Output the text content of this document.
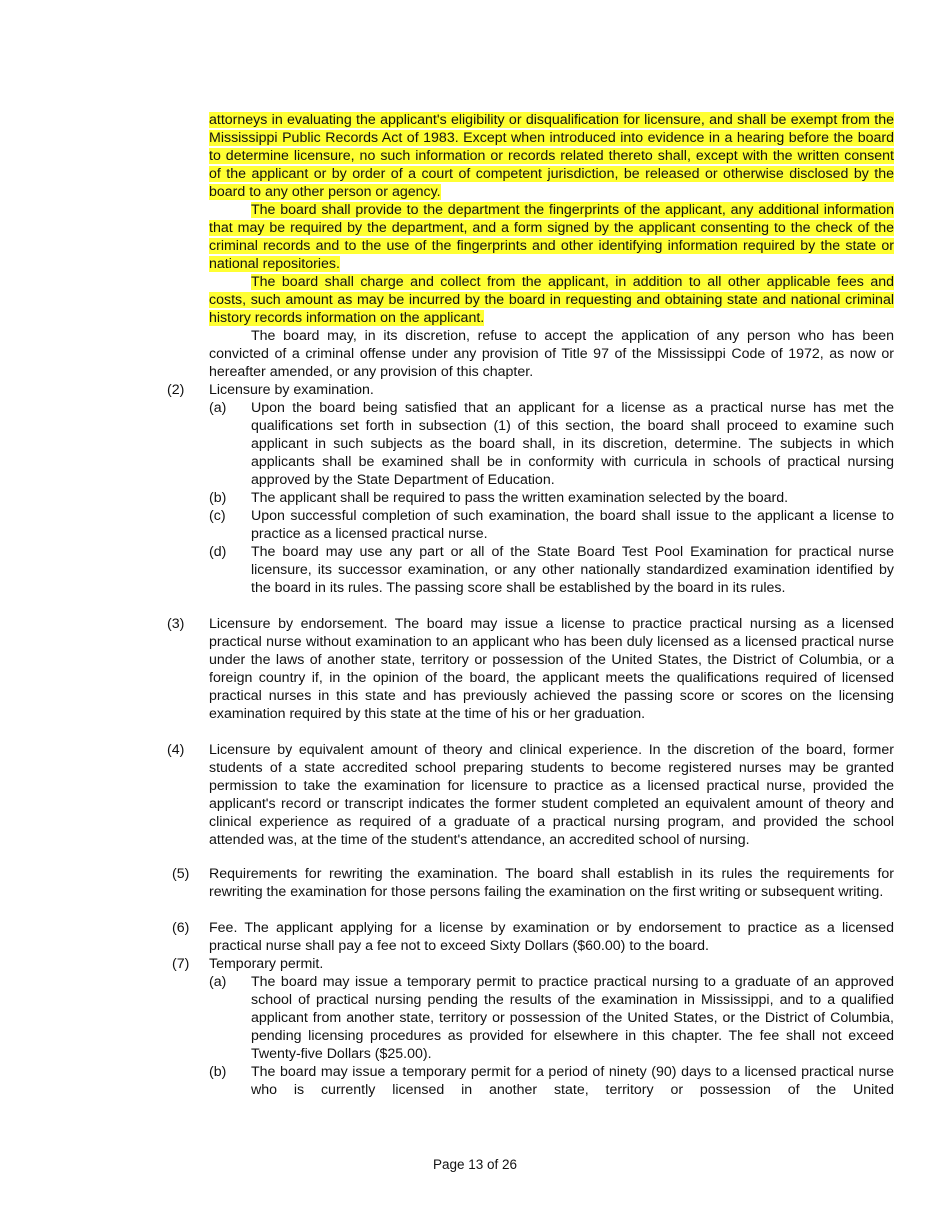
attorneys in evaluating the applicant's eligibility or disqualification for licensure, and shall be exempt from the Mississippi Public Records Act of 1983. Except when introduced into evidence in a hearing before the board to determine licensure, no such information or records related thereto shall, except with the written consent of the applicant or by order of a court of competent jurisdiction, be released or otherwise disclosed by the board to any other person or agency.

The board shall provide to the department the fingerprints of the applicant, any additional information that may be required by the department, and a form signed by the applicant consenting to the check of the criminal records and to the use of the fingerprints and other identifying information required by the state or national repositories.

The board shall charge and collect from the applicant, in addition to all other applicable fees and costs, such amount as may be incurred by the board in requesting and obtaining state and national criminal history records information on the applicant.

The board may, in its discretion, refuse to accept the application of any person who has been convicted of a criminal offense under any provision of Title 97 of the Mississippi Code of 1972, as now or hereafter amended, or any provision of this chapter.

(2) Licensure by examination.

(a) Upon the board being satisfied that an applicant for a license as a practical nurse has met the qualifications set forth in subsection (1) of this section, the board shall proceed to examine such applicant in such subjects as the board shall, in its discretion, determine. The subjects in which applicants shall be examined shall be in conformity with curricula in schools of practical nursing approved by the State Department of Education.

(b) The applicant shall be required to pass the written examination selected by the board.

(c) Upon successful completion of such examination, the board shall issue to the applicant a license to practice as a licensed practical nurse.

(d) The board may use any part or all of the State Board Test Pool Examination for practical nurse licensure, its successor examination, or any other nationally standardized examination identified by the board in its rules. The passing score shall be established by the board in its rules.

(3) Licensure by endorsement. The board may issue a license to practice practical nursing as a licensed practical nurse without examination to an applicant who has been duly licensed as a licensed practical nurse under the laws of another state, territory or possession of the United States, the District of Columbia, or a foreign country if, in the opinion of the board, the applicant meets the qualifications required of licensed practical nurses in this state and has previously achieved the passing score or scores on the licensing examination required by this state at the time of his or her graduation.

(4) Licensure by equivalent amount of theory and clinical experience. In the discretion of the board, former students of a state accredited school preparing students to become registered nurses may be granted permission to take the examination for licensure to practice as a licensed practical nurse, provided the applicant's record or transcript indicates the former student completed an equivalent amount of theory and clinical experience as required of a graduate of a practical nursing program, and provided the school attended was, at the time of the student's attendance, an accredited school of nursing.

(5) Requirements for rewriting the examination. The board shall establish in its rules the requirements for rewriting the examination for those persons failing the examination on the first writing or subsequent writing.

(6) Fee. The applicant applying for a license by examination or by endorsement to practice as a licensed practical nurse shall pay a fee not to exceed Sixty Dollars ($60.00) to the board.

(7) Temporary permit.

(a) The board may issue a temporary permit to practice practical nursing to a graduate of an approved school of practical nursing pending the results of the examination in Mississippi, and to a qualified applicant from another state, territory or possession of the United States, or the District of Columbia, pending licensing procedures as provided for elsewhere in this chapter. The fee shall not exceed Twenty-five Dollars ($25.00).

(b) The board may issue a temporary permit for a period of ninety (90) days to a licensed practical nurse who is currently licensed in another state, territory or possession of the United

Page 13 of 26
